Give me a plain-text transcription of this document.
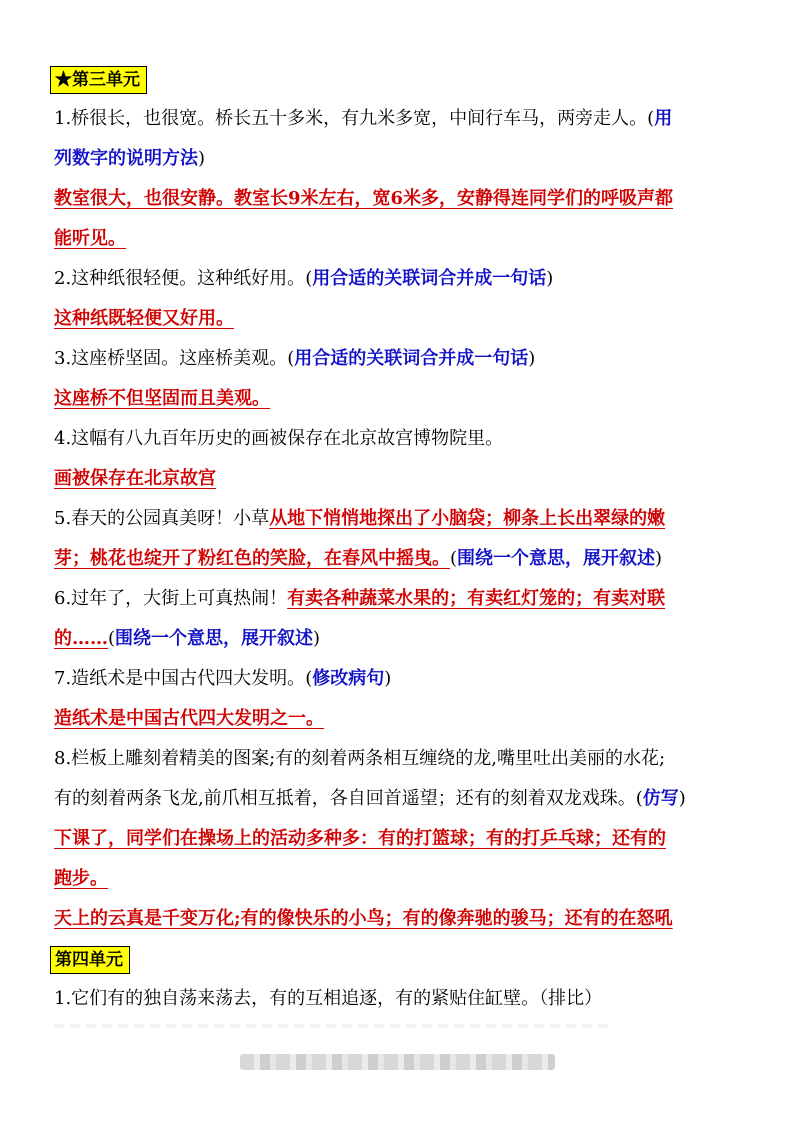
★第三单元
1.桥很长，也很宽。桥长五十多米，有九米多宽，中间行车马，两旁走人。(用
列数字的说明方法)
教室很大，也很安静。教室长9米左右，宽6米多，安静得连同学们的呼吸声都
能听见。
2.这种纸很轻便。这种纸好用。(用合适的关联词合并成一句话)
这种纸既轻便又好用。
3.这座桥坚固。这座桥美观。(用合适的关联词合并成一句话)
这座桥不但坚固而且美观。
4.这幅有八九百年历史的画被保存在北京故宫博物院里。
画被保存在北京故宫
5.春天的公园真美呀！小草从地下悄悄地探出了小脑袋；柳条上长出翠绿的嫩
芽；桃花也绽开了粉红色的笑脸，在春风中摇曳。(围绕一个意思，展开叙述)
6.过年了，大街上可真热闹！有卖各种蔬菜水果的；有卖红灯笼的；有卖对联
的……(围绕一个意思，展开叙述)
7.造纸术是中国古代四大发明。(修改病句)
造纸术是中国古代四大发明之一。
8.栏板上雕刻着精美的图案;有的刻着两条相互缠绕的龙,嘴里吐出美丽的水花;
有的刻着两条飞龙,前爪相互抵着，各自回首遥望；还有的刻着双龙戏珠。(仿写)
下课了，同学们在操场上的活动多种多：有的打篮球；有的打乒乓球；还有的
跑步。
天上的云真是千变万化;有的像快乐的小鸟；有的像奔驰的骏马；还有的在怒吼
第四单元
1.它们有的独自荡来荡去，有的互相追逐，有的紧贴住缸壁。（排比）
